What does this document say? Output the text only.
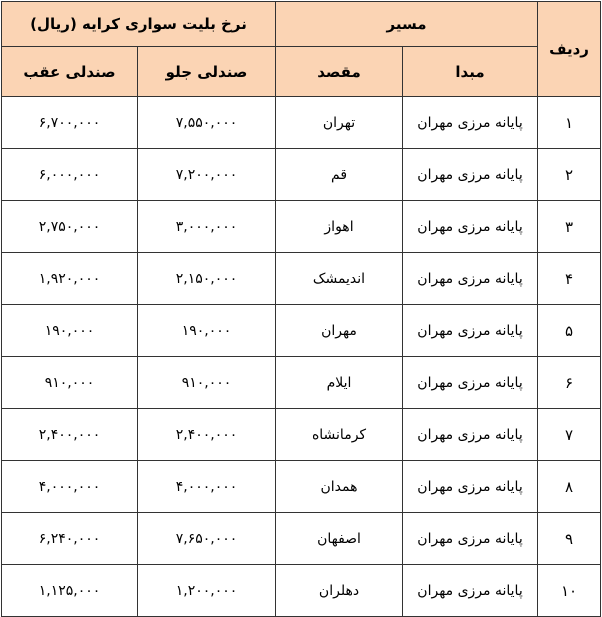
ردیف	مسیر		نرخ بلیت سواری کرایه (ریال)	
	مبدا	مقصد	صندلی جلو	صندلی عقب
۱	پایانه مرزی مهران	تهران	۷,۵۵۰,۰۰۰	۶,۷۰۰,۰۰۰
۲	پایانه مرزی مهران	قم	۷,۲۰۰,۰۰۰	۶,۰۰۰,۰۰۰
۳	پایانه مرزی مهران	اهواز	۳,۰۰۰,۰۰۰	۲,۷۵۰,۰۰۰
۴	پایانه مرزی مهران	اندیمشک	۲,۱۵۰,۰۰۰	۱,۹۲۰,۰۰۰
۵	پایانه مرزی مهران	مهران	۱۹۰,۰۰۰	۱۹۰,۰۰۰
۶	پایانه مرزی مهران	ایلام	۹۱۰,۰۰۰	۹۱۰,۰۰۰
۷	پایانه مرزی مهران	کرمانشاه	۲,۴۰۰,۰۰۰	۲,۴۰۰,۰۰۰
۸	پایانه مرزی مهران	همدان	۴,۰۰۰,۰۰۰	۴,۰۰۰,۰۰۰
۹	پایانه مرزی مهران	اصفهان	۷,۶۵۰,۰۰۰	۶,۲۴۰,۰۰۰
۱۰	پایانه مرزی مهران	دهلران	۱,۲۰۰,۰۰۰	۱,۱۲۵,۰۰۰
